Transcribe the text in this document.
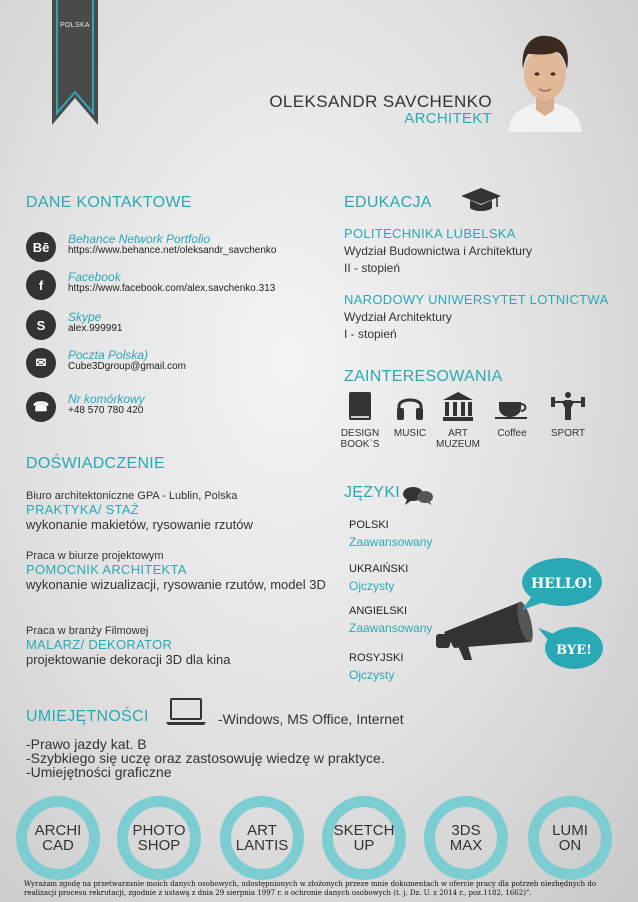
POLSKA
OLEKSANDR SAVCHENKO
ARCHITEKT
DANE KONTAKTOWE
Bē
Behance Network Portfolio
https://www.behance.net/oleksandr_savchenko
f
Facebook
https://www.facebook.com/alex.savchenko.313
S
Skype
alex.999991
✉	Poczta Polska)
Cube3Dgroup@gmail.com
☎	Nr komórkowy
+48 570 780 420
DOŚWIADCZENIE
Biuro architektoniczne GPA - Lublin, Polska
PRAKTYKA/ STAŻ
wykonanie makietów, rysowanie rzutów
Praca w biurze projektowym
POMOCNIK ARCHITEKTA
wykonanie wizualizacji, rysowanie rzutów, model 3D
Praca w branży Filmowej
MALARZ/ DEKORATOR
projektowanie dekoracji 3D dla kina
EDUKACJA
POLITECHNIKA LUBELSKA
Wydział Budownictwa i Architektury
II - stopień
NARODOWY UNIWERSYTET LOTNICTWA
Wydział Architektury
I - stopień
ZAINTERESOWANIA
DESIGN
BOOK`S
MUSIC	ART
MUZEUM
Coffee	SPORT
JĘZYKI
POLSKI
Zaawansowany
UKRAIŃSKI
Ojczysty
ANGIELSKI
Zaawansowany
ROSYJSKI
Ojczysty
HELLO!
BYE!
UMIEJĘTNOŚCI	-Windows, MS Office, Internet
-Prawo jazdy kat. B
-Szybkiego się uczę oraz zastosowuję wiedzę w praktyce.
-Umiejętności graficzne
ARCHI
CAD
PHOTO
SHOP
ART
LANTIS
SKETCH
UP
3DS
MAX
LUMI
ON
Wyrażam zgodę na przetwarzanie moich danych osobowych, udostępnionych w złożonych przeze mnie dokumentach w ofercie pracy dla potrzeb niezbędnych do realizacji procesu rekrutacji, zgodnie z ustawą z dnia 29 sierpnia 1997 r. o ochronie danych osobowych (t. j. Dz. U. z 2014 r., poz.1182, 1662)".
